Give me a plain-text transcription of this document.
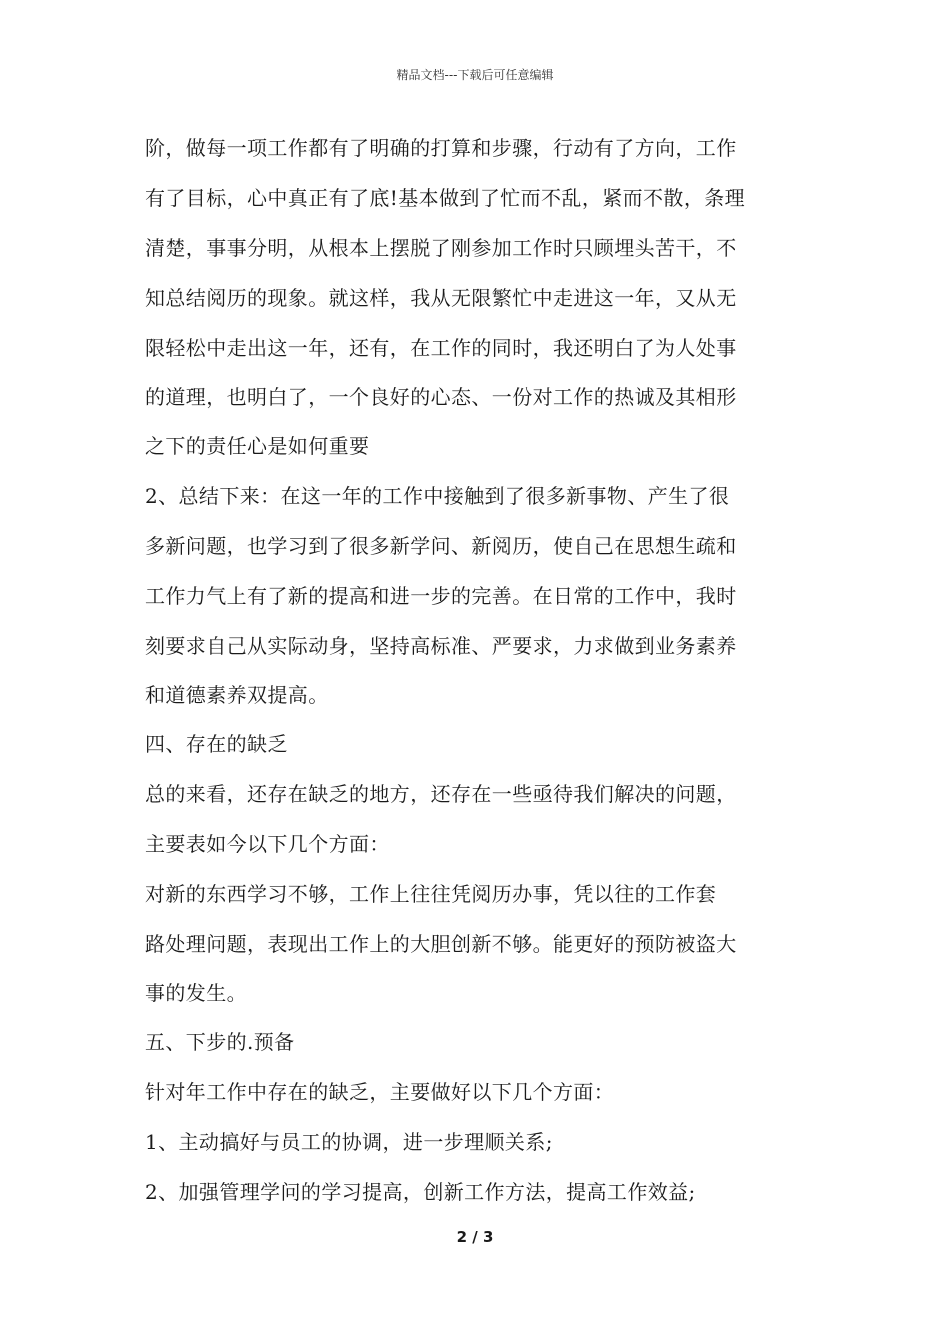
精品文档---下载后可任意编辑
阶，做每一项工作都有了明确的打算和步骤，行动有了方向，工作
有了目标，心中真正有了底!基本做到了忙而不乱，紧而不散，条理
清楚，事事分明，从根本上摆脱了刚参加工作时只顾埋头苦干，不
知总结阅历的现象。就这样，我从无限繁忙中走进这一年，又从无
限轻松中走出这一年，还有，在工作的同时，我还明白了为人处事
的道理，也明白了，一个良好的心态、一份对工作的热诚及其相形
之下的责任心是如何重要
2、总结下来：在这一年的工作中接触到了很多新事物、产生了很
多新问题，也学习到了很多新学问、新阅历，使自己在思想生疏和
工作力气上有了新的提高和进一步的完善。在日常的工作中，我时
刻要求自己从实际动身，坚持高标准、严要求，力求做到业务素养
和道德素养双提高。
四、存在的缺乏
总的来看，还存在缺乏的地方，还存在一些亟待我们解决的问题，
主要表如今以下几个方面：
对新的东西学习不够，工作上往往凭阅历办事，凭以往的工作套
路处理问题，表现出工作上的大胆创新不够。能更好的预防被盗大
事的发生。
五、下步的.预备
针对年工作中存在的缺乏，主要做好以下几个方面：
1、主动搞好与员工的协调，进一步理顺关系;
2、加强管理学问的学习提高，创新工作方法，提高工作效益;
2 / 3
